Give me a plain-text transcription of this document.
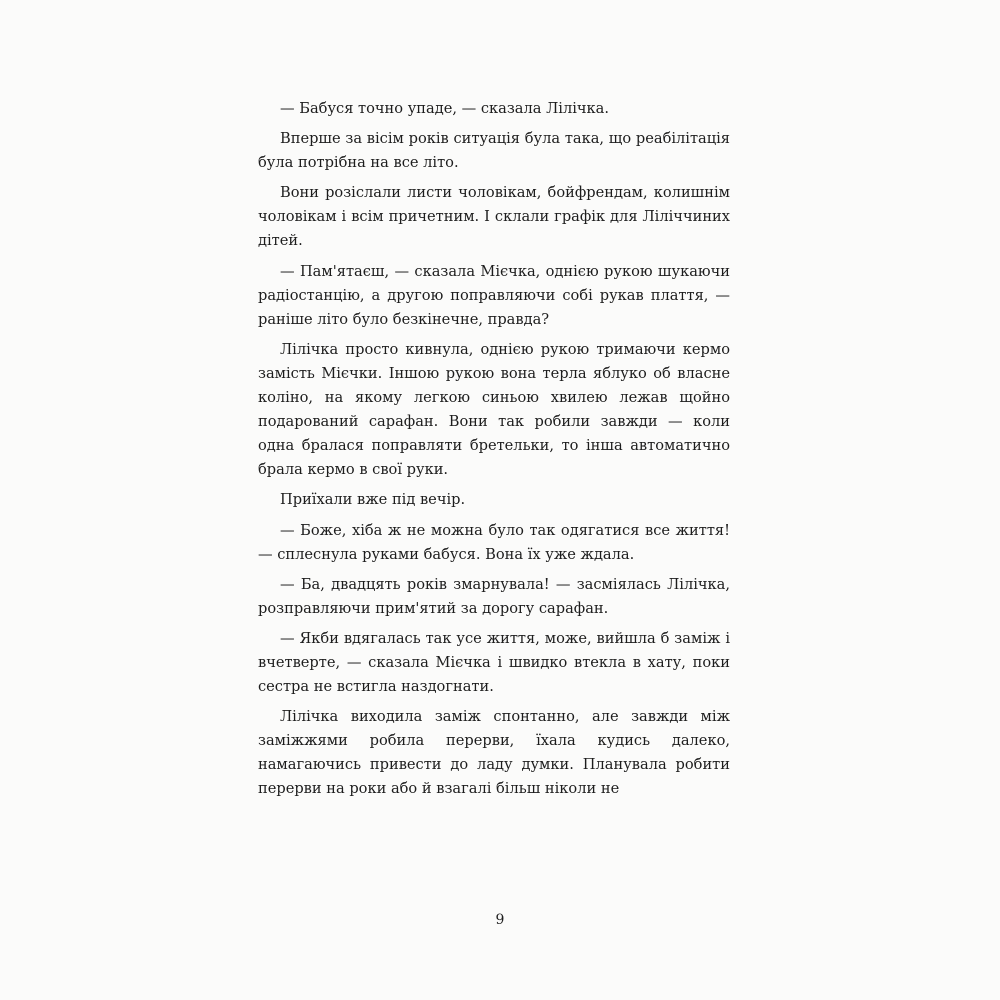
— Бабуся точно упаде, — сказала Лілічка.

Вперше за вісім років ситуація була така, що реабілітація була потрібна на все літо.

Вони розіслали листи чоловікам, бойфрендам, колишнім чоловікам і всім причетним. І склали графік для Ліліччиних дітей.

— Пам'ятаєш, — сказала Мієчка, однією рукою шукаючи радіостанцію, а другою поправляючи собі рукав плаття, — раніше літо було безкінечне, правда?

Лілічка просто кивнула, однією рукою тримаючи кермо замість Мієчки. Іншою рукою вона терла яблуко об власне коліно, на якому легкою синьою хвилею лежав щойно подарований сарафан. Вони так робили завжди — коли одна бралася поправляти бретельки, то інша автоматично брала кермо в свої руки.

Приїхали вже під вечір.

— Боже, хіба ж не можна було так одягатися все життя! — сплеснула руками бабуся. Вона їх уже ждала.

— Ба, двадцять років змарнувала! — засміялась Лілічка, розправляючи прим'ятий за дорогу сарафан.

— Якби вдягалась так усе життя, може, вийшла б заміж і вчетверте, — сказала Мієчка і швидко втекла в хату, поки сестра не встигла наздогнати.

Лілічка виходила заміж спонтанно, але завжди між заміжжями робила перерви, їхала кудись далеко, намагаючись привести до ладу думки. Планувала робити перерви на роки або й взагалі більш ніколи не

9
